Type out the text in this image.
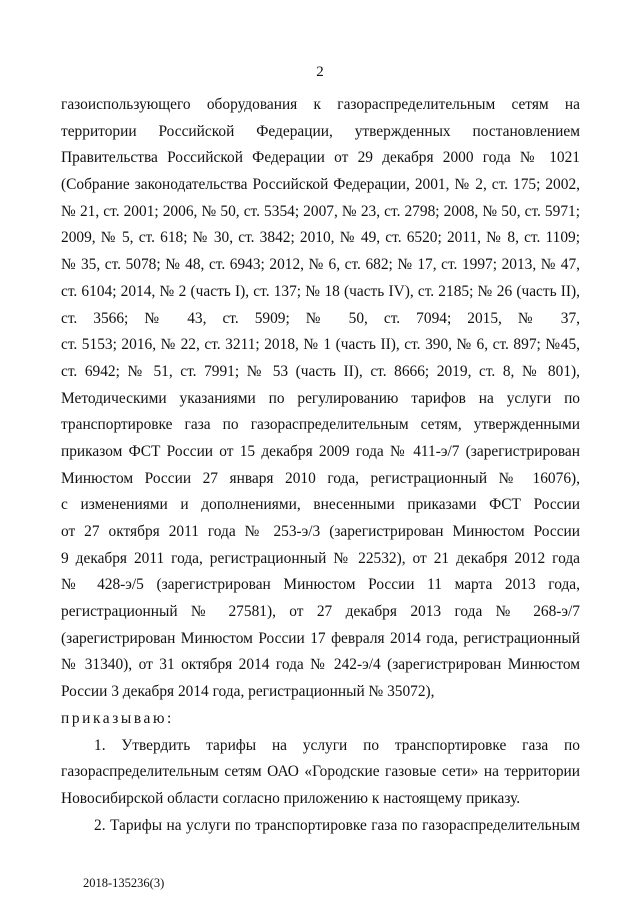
2
газоиспользующего оборудования к газораспределительным сетям на
территории Российской Федерации, утвержденных постановлением
Правительства Российской Федерации от 29 декабря 2000 года № 1021
(Собрание законодательства Российской Федерации, 2001, № 2, ст. 175; 2002,
№ 21, ст. 2001; 2006, № 50, ст. 5354; 2007, № 23, ст. 2798; 2008, № 50, ст. 5971;
2009, № 5, ст. 618; № 30, ст. 3842; 2010, № 49, ст. 6520; 2011, № 8, ст. 1109;
№ 35, ст. 5078; № 48, ст. 6943; 2012, № 6, ст. 682; № 17, ст. 1997; 2013, № 47,
ст. 6104; 2014, № 2 (часть I), ст. 137; № 18 (часть IV), ст. 2185; № 26 (часть II),
ст. 3566; № 43, ст. 5909; № 50, ст. 7094; 2015, № 37,
ст. 5153; 2016, № 22, ст. 3211; 2018, № 1 (часть II), ст. 390, № 6, ст. 897; №45,
ст. 6942; № 51, ст. 7991; № 53 (часть II), ст. 8666; 2019, ст. 8, № 801),
Методическими указаниями по регулированию тарифов на услуги по
транспортировке газа по газораспределительным сетям, утвержденными
приказом ФСТ России от 15 декабря 2009 года № 411-э/7 (зарегистрирован
Минюстом России 27 января 2010 года, регистрационный № 16076),
с изменениями и дополнениями, внесенными приказами ФСТ России
от 27 октября 2011 года № 253-э/3 (зарегистрирован Минюстом России
9 декабря 2011 года, регистрационный № 22532), от 21 декабря 2012 года
№ 428-э/5 (зарегистрирован Минюстом России 11 марта 2013 года,
регистрационный № 27581), от 27 декабря 2013 года № 268-э/7
(зарегистрирован Минюстом России 17 февраля 2014 года, регистрационный
№ 31340), от 31 октября 2014 года № 242-э/4 (зарегистрирован Минюстом
России 3 декабря 2014 года, регистрационный № 35072),
приказываю:
1. Утвердить тарифы на услуги по транспортировке газа по
газораспределительным сетям ОАО «Городские газовые сети» на территории
Новосибирской области согласно приложению к настоящему приказу.
2. Тарифы на услуги по транспортировке газа по газораспределительным
2018-135236(3)
